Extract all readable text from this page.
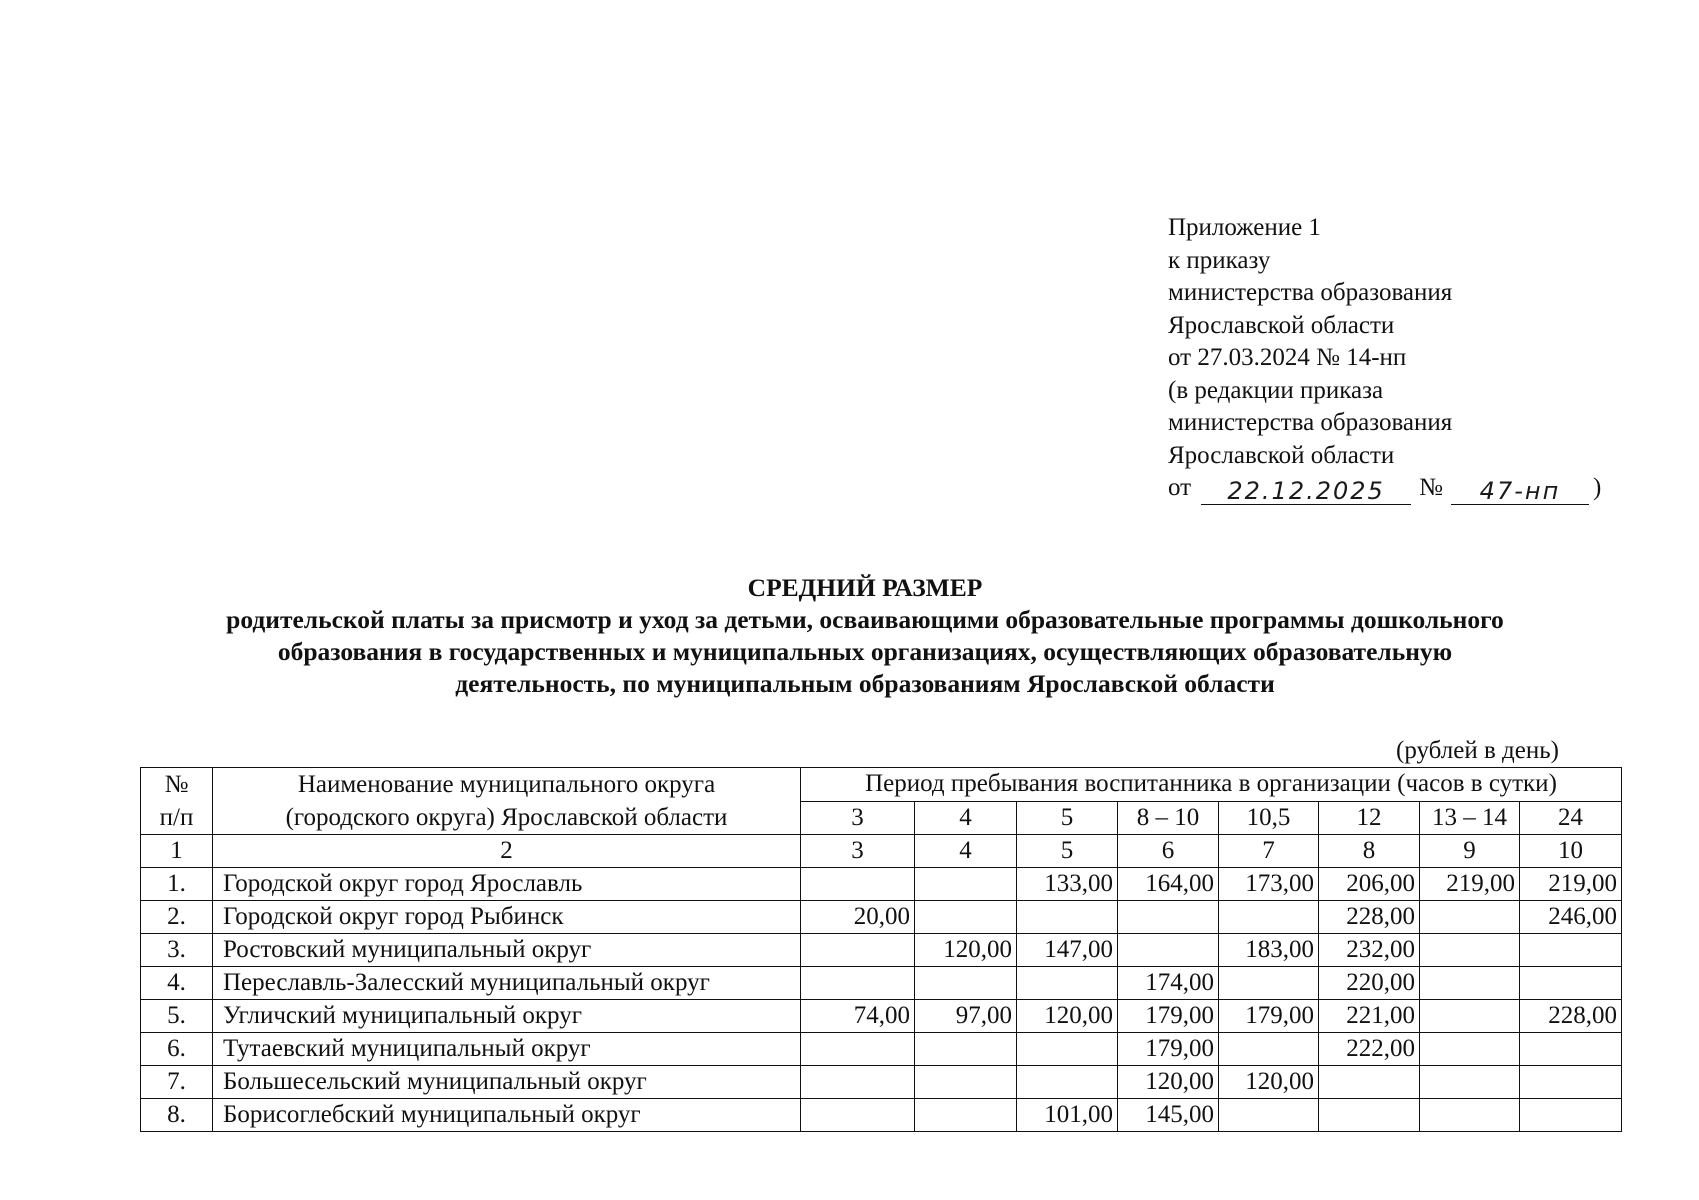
Приложение 1
к приказу
министерства образования
Ярославской области
от 27.03.2024 № 14-нп
(в редакции приказа
министерства образования
Ярославской области
от	22.12.2025	№	47-нп	)
СРЕДНИЙ РАЗМЕР
родительской платы за присмотр и уход за детьми, осваивающими образовательные программы дошкольного
образования в государственных и муниципальных организациях, осуществляющих образовательную
деятельность, по муниципальным образованиям Ярославской области
(рублей в день)
№
п/п	Наименование муниципального округа
(городского округа) Ярославской области	Период пребывания воспитанника в организации (часов в сутки)							
		3	4	5	8 – 10	10,5	12	13 – 14	24
1	2	3	4	5	6	7	8	9	10
1.	Городской округ город Ярославль			133,00	164,00	173,00	206,00	219,00	219,00
2.	Городской округ город Рыбинск	20,00					228,00		246,00
3.	Ростовский муниципальный округ		120,00	147,00		183,00	232,00		
4.	Переславль-Залесский муниципальный округ				174,00		220,00		
5.	Угличский муниципальный округ	74,00	97,00	120,00	179,00	179,00	221,00		228,00
6.	Тутаевский муниципальный округ				179,00		222,00		
7.	Большесельский муниципальный округ				120,00	120,00			
8.	Борисоглебский муниципальный округ			101,00	145,00				
